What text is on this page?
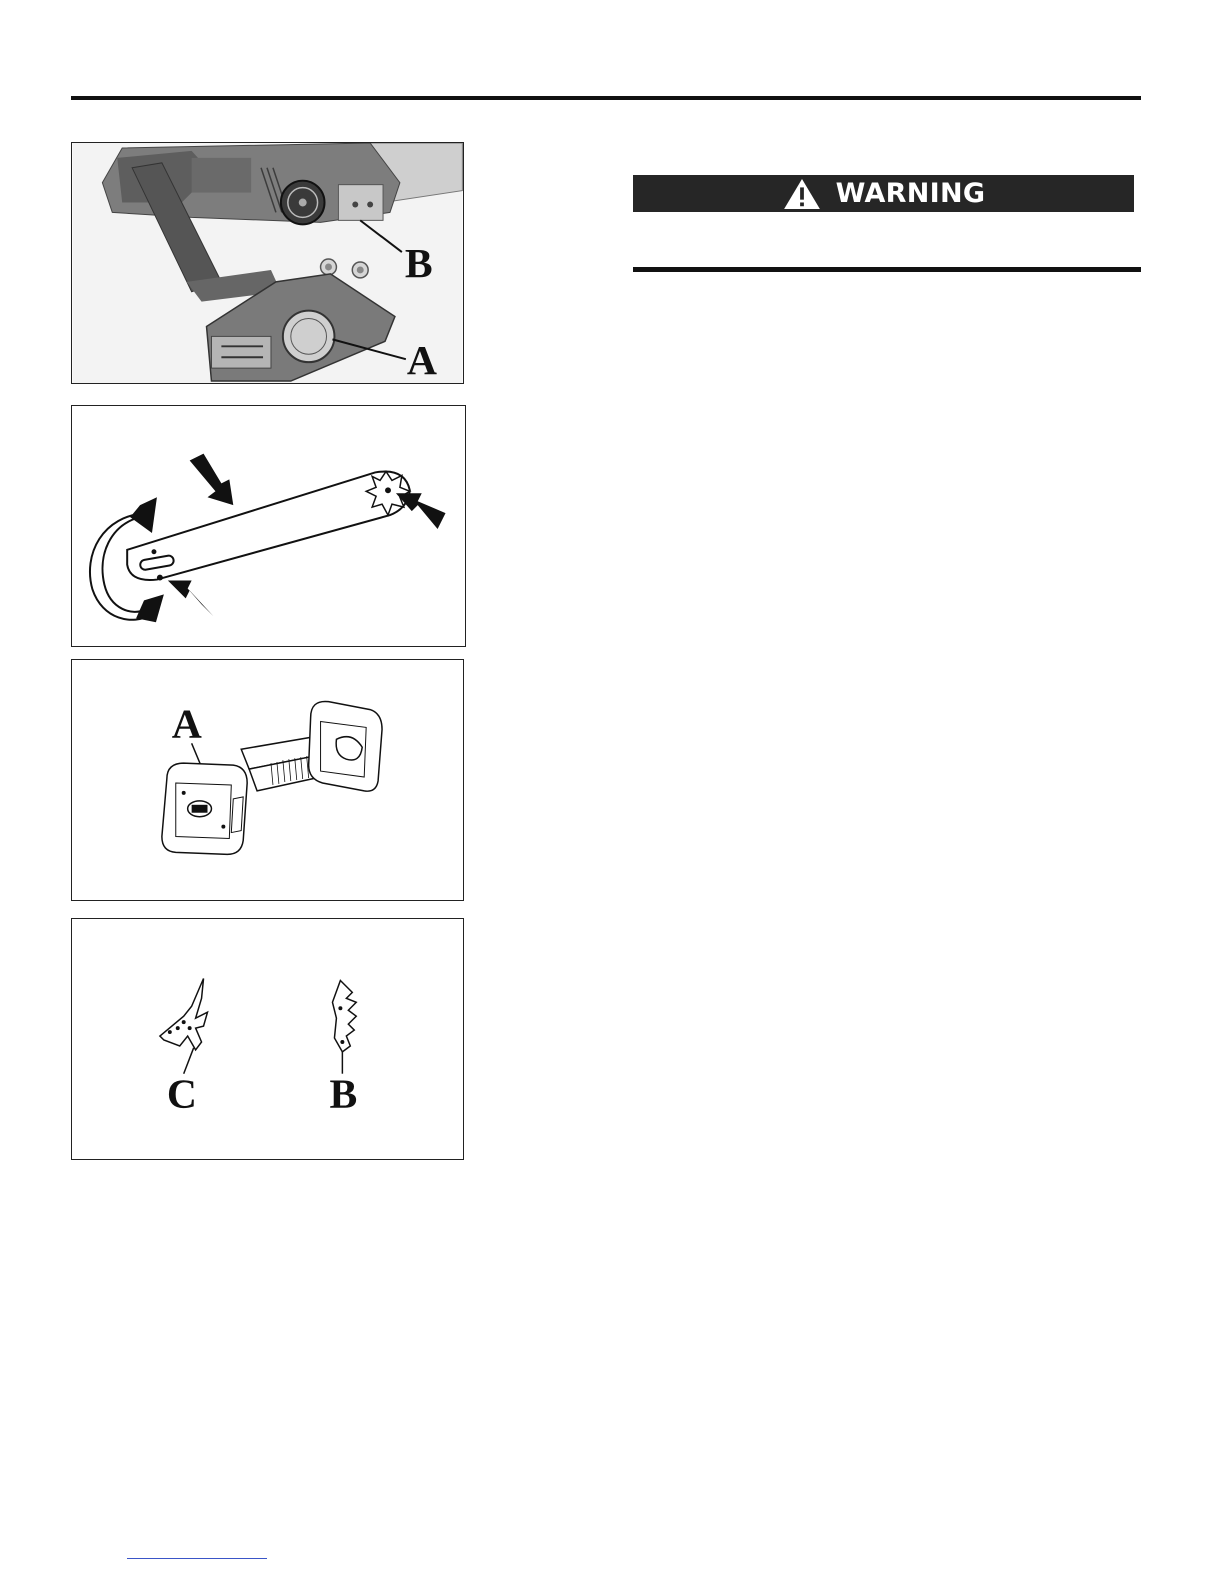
B
A
A
C	B
WARNING
